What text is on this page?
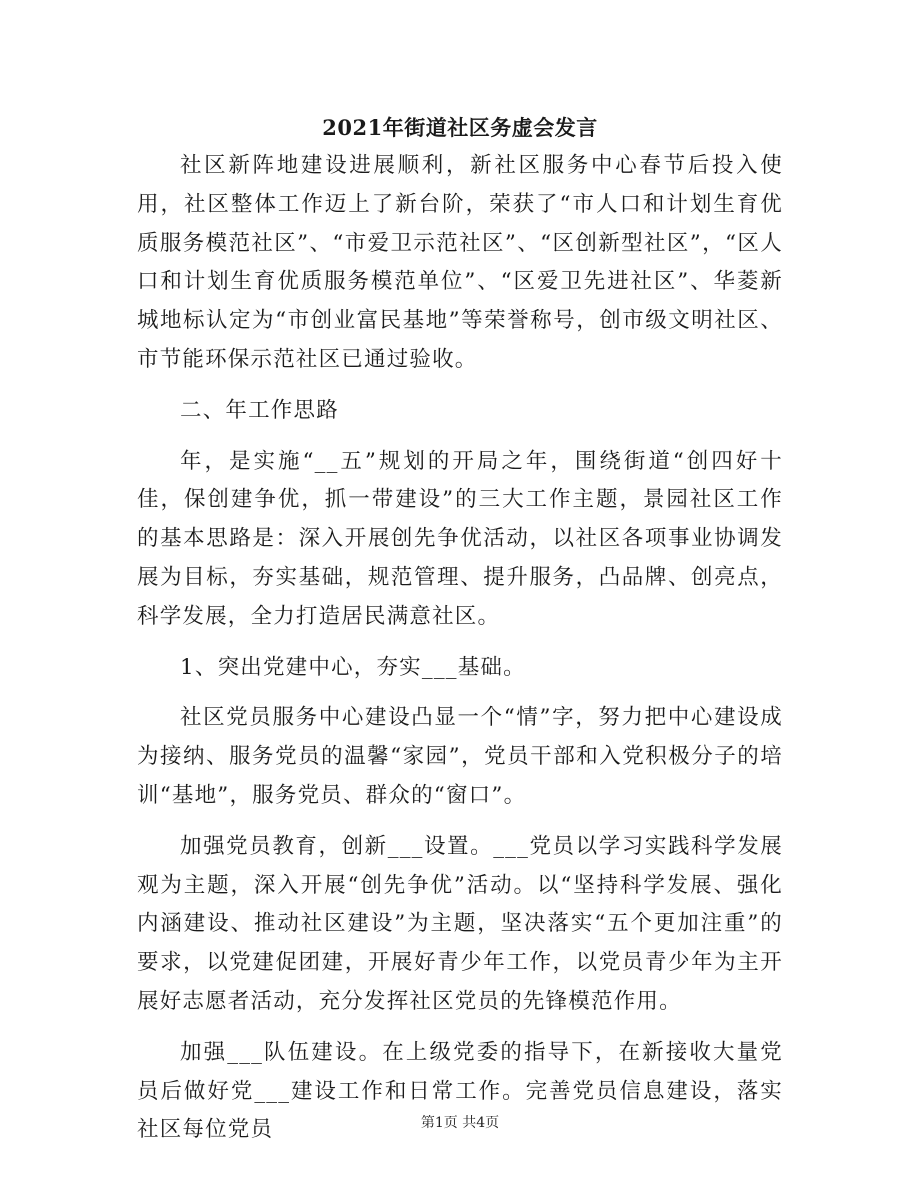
2021年街道社区务虚会发言

社区新阵地建设进展顺利，新社区服务中心春节后投入使用，社区整体工作迈上了新台阶，荣获了“市人口和计划生育优质服务模范社区”、“市爱卫示范社区”、“区创新型社区”，“区人口和计划生育优质服务模范单位”、“区爱卫先进社区”、华菱新城地标认定为“市创业富民基地”等荣誉称号，创市级文明社区、市节能环保示范社区已通过验收。

二、年工作思路

年，是实施“__五”规划的开局之年，围绕街道“创四好十佳，保创建争优，抓一带建设”的三大工作主题，景园社区工作的基本思路是：深入开展创先争优活动，以社区各项事业协调发展为目标，夯实基础，规范管理、提升服务，凸品牌、创亮点，科学发展，全力打造居民满意社区。

1、突出党建中心，夯实___基础。

社区党员服务中心建设凸显一个“情”字，努力把中心建设成为接纳、服务党员的温馨“家园”，党员干部和入党积极分子的培训“基地”，服务党员、群众的“窗口”。

加强党员教育，创新___设置。___党员以学习实践科学发展观为主题，深入开展“创先争优”活动。以“坚持科学发展、强化内涵建设、推动社区建设”为主题，坚决落实“五个更加注重”的要求，以党建促团建，开展好青少年工作，以党员青少年为主开展好志愿者活动，充分发挥社区党员的先锋模范作用。

加强___队伍建设。在上级党委的指导下，在新接收大量党员后做好党___建设工作和日常工作。完善党员信息建设，落实社区每位党员	第1页 共4页
